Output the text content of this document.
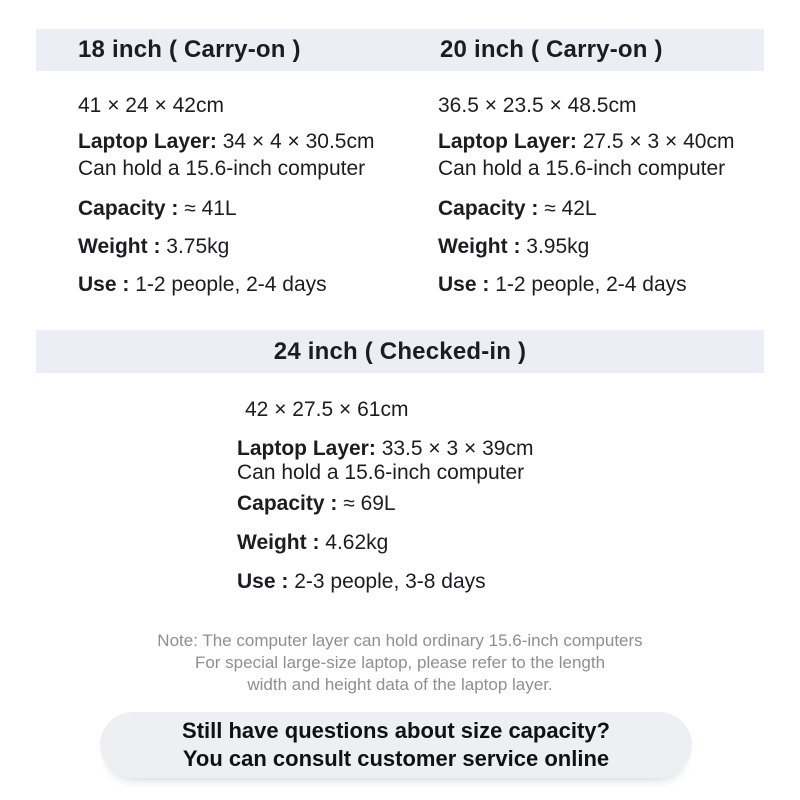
18 inch ( Carry-on )	20 inch ( Carry-on )
41 × 24 × 42cm
Laptop Layer: 34 × 4 × 30.5cm
Can hold a 15.6-inch computer
Capacity : ≈ 41L
Weight : 3.75kg
Use : 1-2 people, 2-4 days
36.5 × 23.5 × 48.5cm
Laptop Layer: 27.5 × 3 × 40cm
Can hold a 15.6-inch computer
Capacity : ≈ 42L
Weight : 3.95kg
Use : 1-2 people, 2-4 days
24 inch ( Checked-in )
42 × 27.5 × 61cm
Laptop Layer: 33.5 × 3 × 39cm
Can hold a 15.6-inch computer
Capacity : ≈ 69L
Weight : 4.62kg
Use : 2-3 people, 3-8 days
Note: The computer layer can hold ordinary 15.6-inch computers
For special large-size laptop, please refer to the length
width and height data of the laptop layer.
Still have questions about size capacity?
You can consult customer service online
